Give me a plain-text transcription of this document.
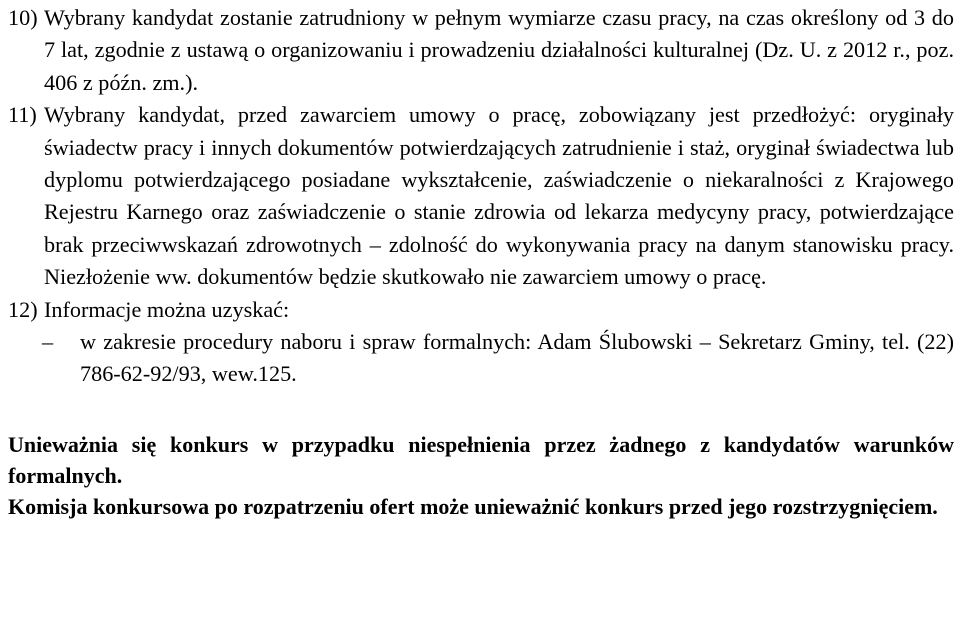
10) Wybrany kandydat zostanie zatrudniony w pełnym wymiarze czasu pracy, na czas określony od 3 do 7 lat, zgodnie z ustawą o organizowaniu i prowadzeniu działalności kulturalnej (Dz. U. z 2012 r., poz. 406 z późn. zm.).
11) Wybrany kandydat, przed zawarciem umowy o pracę, zobowiązany jest przedłożyć: oryginały świadectw pracy i innych dokumentów potwierdzających zatrudnienie i staż, oryginał świadectwa lub dyplomu potwierdzającego posiadane wykształcenie, zaświadczenie o niekaralności z Krajowego Rejestru Karnego oraz zaświadczenie o stanie zdrowia od lekarza medycyny pracy, potwierdzające brak przeciwwskazań zdrowotnych – zdolność do wykonywania pracy na danym stanowisku pracy. Niezłożenie ww. dokumentów będzie skutkowało nie zawarciem umowy o pracę.
12) Informacje można uzyskać:
–	w zakresie procedury naboru i spraw formalnych: Adam Ślubowski – Sekretarz Gminy, tel. (22) 786-62-92/93, wew.125.
Unieważnia się konkurs w przypadku niespełnienia przez żadnego z kandydatów warunków formalnych.
Komisja konkursowa po rozpatrzeniu ofert może unieważnić konkurs przed jego rozstrzygnięciem.
